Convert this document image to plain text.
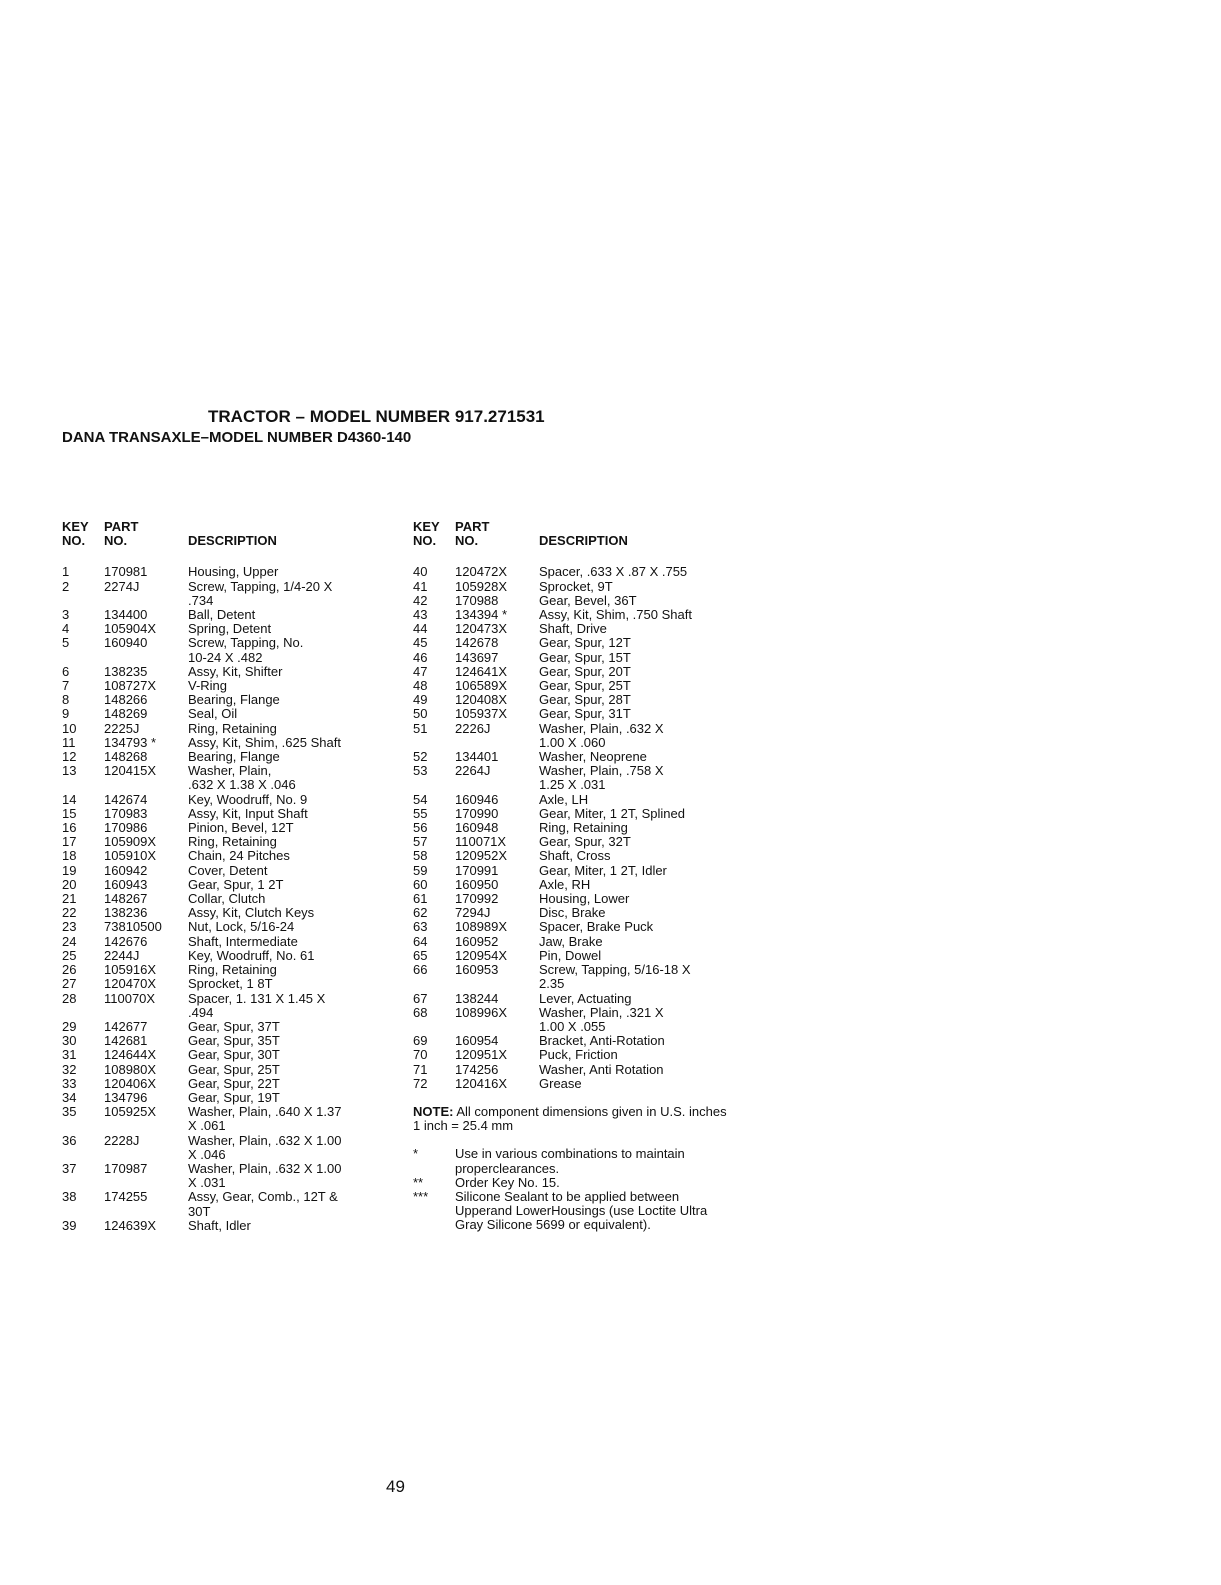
TRACTOR – MODEL NUMBER 917.271531
DANA TRANSAXLE–MODEL NUMBER D4360-140
KEY	PART
NO.	NO.	DESCRIPTION
1	170981	Housing, Upper
2	2274J	Screw, Tapping, 1/4-20 X
.734
3	134400	Ball, Detent
4	105904X	Spring, Detent
5	160940	Screw, Tapping, No.
10-24 X .482
6	138235	Assy, Kit, Shifter
7	108727X	V-Ring
8	148266	Bearing, Flange
9	148269	Seal, Oil
10	2225J	Ring, Retaining
11	134793 *	Assy, Kit, Shim, .625 Shaft
12	148268	Bearing, Flange
13	120415X	Washer, Plain,
.632 X 1.38 X .046
14	142674	Key, Woodruff, No. 9
15	170983	Assy, Kit, Input Shaft
16	170986	Pinion, Bevel, 12T
17	105909X	Ring, Retaining
18	105910X	Chain, 24 Pitches
19	160942	Cover, Detent
20	160943	Gear, Spur, 1 2T
21	148267	Collar, Clutch
22	138236	Assy, Kit, Clutch Keys
23	73810500	Nut, Lock, 5/16-24
24	142676	Shaft, Intermediate
25	2244J	Key, Woodruff, No. 61
26	105916X	Ring, Retaining
27	120470X	Sprocket, 1 8T
28	110070X	Spacer, 1. 131 X 1.45 X
.494
29	142677	Gear, Spur, 37T
30	142681	Gear, Spur, 35T
31	124644X	Gear, Spur, 30T
32	108980X	Gear, Spur, 25T
33	120406X	Gear, Spur, 22T
34	134796	Gear, Spur, 19T
35	105925X	Washer, Plain, .640 X 1.37
X .061
36	2228J	Washer, Plain, .632 X 1.00
X .046
37	170987	Washer, Plain, .632 X 1.00
X .031
38	174255	Assy, Gear, Comb., 12T &
30T
39	124639X	Shaft, Idler
KEY	PART
NO.	NO.	DESCRIPTION
40	120472X	Spacer, .633 X .87 X .755
41	105928X	Sprocket, 9T
42	170988	Gear, Bevel, 36T
43	134394 *	Assy, Kit, Shim, .750 Shaft
44	120473X	Shaft, Drive
45	142678	Gear, Spur, 12T
46	143697	Gear, Spur, 15T
47	124641X	Gear, Spur, 20T
48	106589X	Gear, Spur, 25T
49	120408X	Gear, Spur, 28T
50	105937X	Gear, Spur, 31T
51	2226J	Washer, Plain, .632 X
1.00 X .060
52	134401	Washer, Neoprene
53	2264J	Washer, Plain, .758 X
1.25 X .031
54	160946	Axle, LH
55	170990	Gear, Miter, 1 2T, Splined
56	160948	Ring, Retaining
57	110071X	Gear, Spur, 32T
58	120952X	Shaft, Cross
59	170991	Gear, Miter, 1 2T, Idler
60	160950	Axle, RH
61	170992	Housing, Lower
62	7294J	Disc, Brake
63	108989X	Spacer, Brake Puck
64	160952	Jaw, Brake
65	120954X	Pin, Dowel
66	160953	Screw, Tapping, 5/16-18 X
2.35
67	138244	Lever, Actuating
68	108996X	Washer, Plain, .321 X
1.00 X .055
69	160954	Bracket, Anti-Rotation
70	120951X	Puck, Friction
71	174256	Washer, Anti Rotation
72	120416X	Grease
NOTE: All component dimensions given in U.S. inches 1 inch = 25.4 mm
*	Use in various combinations to maintain properclearances.
**	Order Key No. 15.
***	Silicone Sealant to be applied between Upperand LowerHousings (use Loctite Ultra Gray Silicone 5699 or equivalent).
49
